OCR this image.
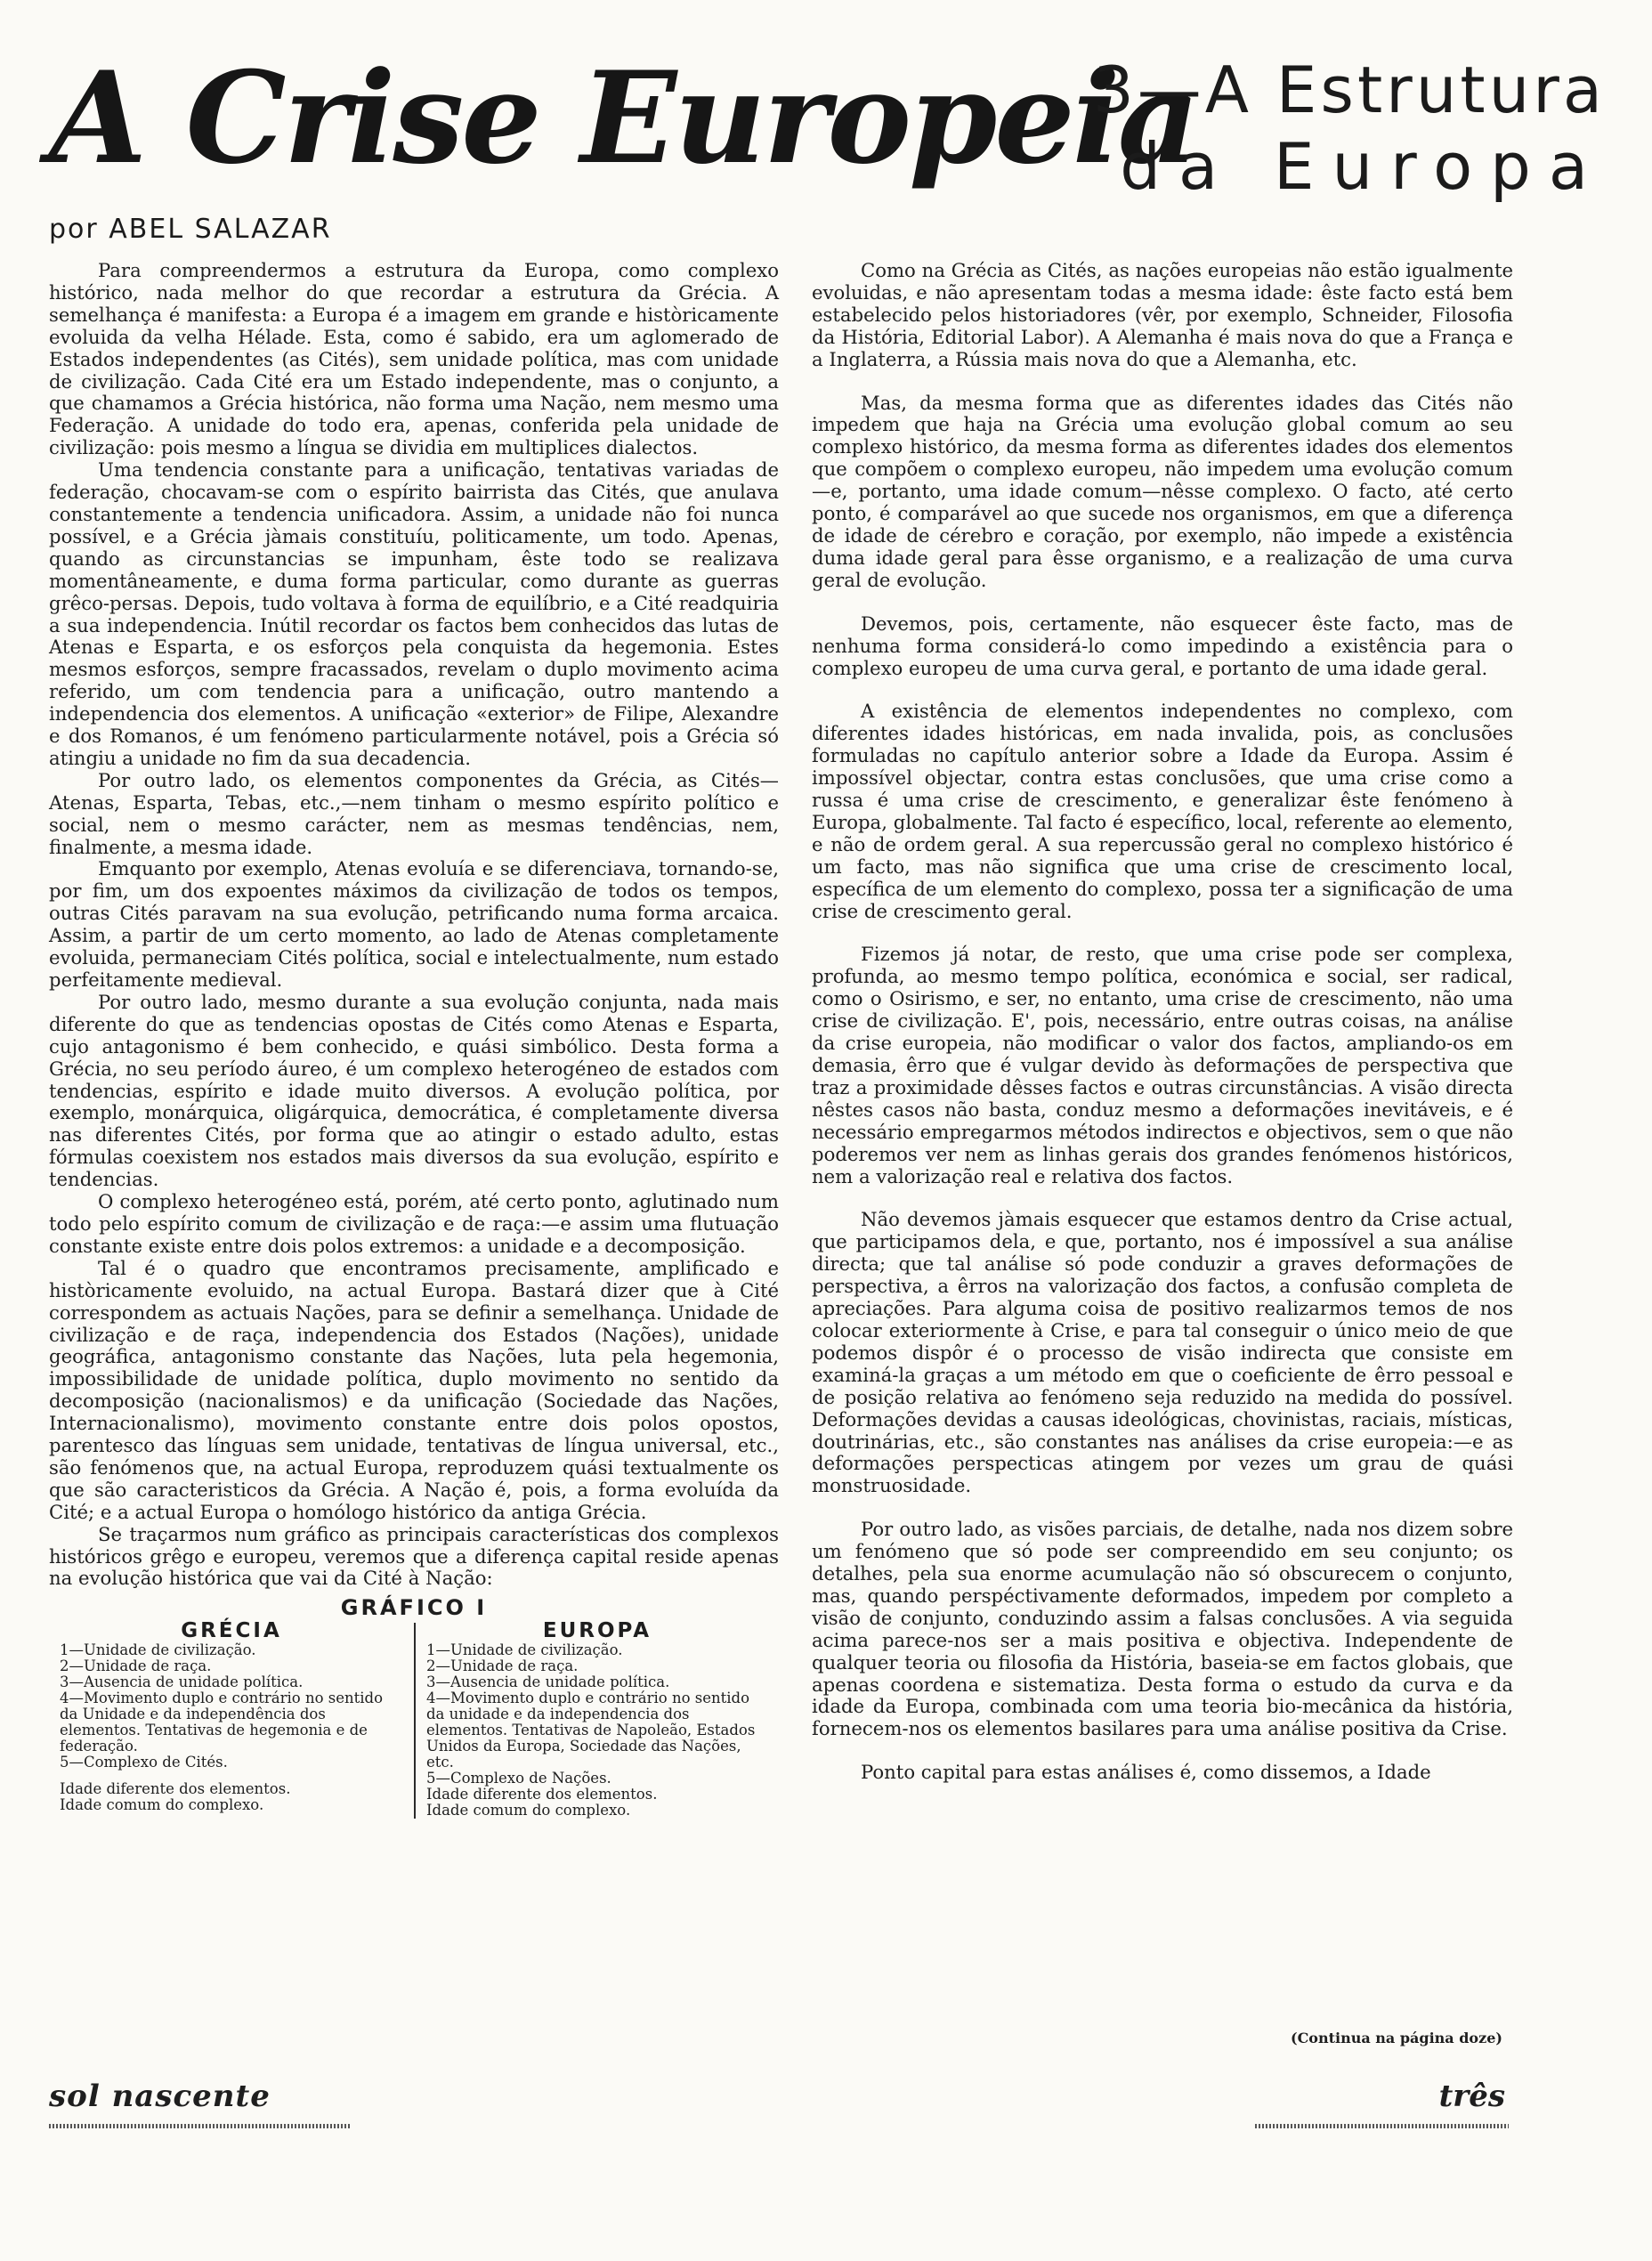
A Crise Europeia
3—A Estrutura
da Europa
por ABEL SALAZAR

Para compreendermos a estrutura da Europa, como complexo histórico, nada melhor do que recordar a estrutura da Grécia. A semelhança é manifesta: a Europa é a imagem em grande e històricamente evoluida da velha Hélade. Esta, como é sabido, era um aglomerado de Estados independentes (as Cités), sem unidade política, mas com unidade de civilização. Cada Cité era um Estado independente, mas o conjunto, a que chamamos a Grécia histórica, não forma uma Nação, nem mesmo uma Federação. A unidade do todo era, apenas, conferida pela unidade de civilização: pois mesmo a língua se dividia em multiplices dialectos.

Uma tendencia constante para a unificação, tentativas variadas de federação, chocavam-se com o espírito bairrista das Cités, que anulava constantemente a tendencia unificadora. Assim, a unidade não foi nunca possível, e a Grécia jàmais constituíu, politicamente, um todo. Apenas, quando as circunstancias se impunham, êste todo se realizava momentâneamente, e duma forma particular, como durante as guerras grêco-persas. Depois, tudo voltava à forma de equilíbrio, e a Cité readquiria a sua independencia. Inútil recordar os factos bem conhecidos das lutas de Atenas e Esparta, e os esforços pela conquista da hegemonia. Estes mesmos esforços, sempre fracassados, revelam o duplo movimento acima referido, um com tendencia para a unificação, outro mantendo a independencia dos elementos. A unificação «exterior» de Filipe, Alexandre e dos Romanos, é um fenómeno particularmente notável, pois a Grécia só atingiu a unidade no fim da sua decadencia.

Por outro lado, os elementos componentes da Grécia, as Cités—Atenas, Esparta, Tebas, etc.,—nem tinham o mesmo espírito político e social, nem o mesmo carácter, nem as mesmas tendências, nem, finalmente, a mesma idade.

Emquanto por exemplo, Atenas evoluía e se diferenciava, tornando-se, por fim, um dos expoentes máximos da civilização de todos os tempos, outras Cités paravam na sua evolução, petrificando numa forma arcaica. Assim, a partir de um certo momento, ao lado de Atenas completamente evoluida, permaneciam Cités política, social e intelectualmente, num estado perfeitamente medieval.

Por outro lado, mesmo durante a sua evolução conjunta, nada mais diferente do que as tendencias opostas de Cités como Atenas e Esparta, cujo antagonismo é bem conhecido, e quási simbólico. Desta forma a Grécia, no seu período áureo, é um complexo heterogéneo de estados com tendencias, espírito e idade muito diversos. A evolução política, por exemplo, monárquica, oligárquica, democrática, é completamente diversa nas diferentes Cités, por forma que ao atingir o estado adulto, estas fórmulas coexistem nos estados mais diversos da sua evolução, espírito e tendencias.

O complexo heterogéneo está, porém, até certo ponto, aglutinado num todo pelo espírito comum de civilização e de raça:—e assim uma flutuação constante existe entre dois polos extremos: a unidade e a decomposição.

Tal é o quadro que encontramos precisamente, amplificado e històricamente evoluido, na actual Europa. Bastará dizer que à Cité correspondem as actuais Nações, para se definir a semelhança. Unidade de civilização e de raça, independencia dos Estados (Nações), unidade geográfica, antagonismo constante das Nações, luta pela hegemonia, impossibilidade de unidade política, duplo movimento no sentido da decomposição (nacionalismos) e da unificação (Sociedade das Nações, Internacionalismo), movimento constante entre dois polos opostos, parentesco das línguas sem unidade, tentativas de língua universal, etc., são fenómenos que, na actual Europa, reproduzem quási textualmente os que são caracteristicos da Grécia. A Nação é, pois, a forma evoluída da Cité; e a actual Europa o homólogo histórico da antiga Grécia.

Se traçarmos num gráfico as principais características dos complexos históricos grêgo e europeu, veremos que a diferença capital reside apenas na evolução histórica que vai da Cité à Nação:

GRÁFICO I
GRÉCIA
1—Unidade de civilização.
2—Unidade de raça.
3—Ausencia de unidade política.
4—Movimento duplo e contrário no sentido da Unidade e da independência dos elementos. Tentativas de hegemonia e de federação.
5—Complexo de Cités.
Idade diferente dos elementos.
Idade comum do complexo.
EUROPA
1—Unidade de civilização.
2—Unidade de raça.
3—Ausencia de unidade política.
4—Movimento duplo e contrário no sentido da unidade e da independencia dos elementos. Tentativas de Napoleão, Estados Unidos da Europa, Sociedade das Nações, etc.
5—Complexo de Nações.
Idade diferente dos elementos.
Idade comum do complexo.

Como na Grécia as Cités, as nações europeias não estão igualmente evoluidas, e não apresentam todas a mesma idade: êste facto está bem estabelecido pelos historiadores (vêr, por exemplo, Schneider, Filosofia da História, Editorial Labor). A Alemanha é mais nova do que a França e a Inglaterra, a Rússia mais nova do que a Alemanha, etc.

Mas, da mesma forma que as diferentes idades das Cités não impedem que haja na Grécia uma evolução global comum ao seu complexo histórico, da mesma forma as diferentes idades dos elementos que compõem o complexo europeu, não impedem uma evolução comum—e, portanto, uma idade comum—nêsse complexo. O facto, até certo ponto, é comparável ao que sucede nos organismos, em que a diferença de idade de cérebro e coração, por exemplo, não impede a existência duma idade geral para êsse organismo, e a realização de uma curva geral de evolução.

Devemos, pois, certamente, não esquecer êste facto, mas de nenhuma forma considerá-lo como impedindo a existência para o complexo europeu de uma curva geral, e portanto de uma idade geral.

A existência de elementos independentes no complexo, com diferentes idades históricas, em nada invalida, pois, as conclusões formuladas no capítulo anterior sobre a Idade da Europa. Assim é impossível objectar, contra estas conclusões, que uma crise como a russa é uma crise de crescimento, e generalizar êste fenómeno à Europa, globalmente. Tal facto é específico, local, referente ao elemento, e não de ordem geral. A sua repercussão geral no complexo histórico é um facto, mas não significa que uma crise de crescimento local, específica de um elemento do complexo, possa ter a significação de uma crise de crescimento geral.

Fizemos já notar, de resto, que uma crise pode ser complexa, profunda, ao mesmo tempo política, económica e social, ser radical, como o Osirismo, e ser, no entanto, uma crise de crescimento, não uma crise de civilização. E', pois, necessário, entre outras coisas, na análise da crise europeia, não modificar o valor dos factos, ampliando-os em demasia, êrro que é vulgar devido às deformações de perspectiva que traz a proximidade dêsses factos e outras circunstâncias. A visão directa nêstes casos não basta, conduz mesmo a deformações inevitáveis, e é necessário empregarmos métodos indirectos e objectivos, sem o que não poderemos ver nem as linhas gerais dos grandes fenómenos históricos, nem a valorização real e relativa dos factos.

Não devemos jàmais esquecer que estamos dentro da Crise actual, que participamos dela, e que, portanto, nos é impossível a sua análise directa; que tal análise só pode conduzir a graves deformações de perspectiva, a êrros na valorização dos factos, a confusão completa de apreciações. Para alguma coisa de positivo realizarmos temos de nos colocar exteriormente à Crise, e para tal conseguir o único meio de que podemos dispôr é o processo de visão indirecta que consiste em examiná-la graças a um método em que o coeficiente de êrro pessoal e de posição relativa ao fenómeno seja reduzido na medida do possível. Deformações devidas a causas ideológicas, chovinistas, raciais, místicas, doutrinárias, etc., são constantes nas análises da crise europeia:—e as deformações perspecticas atingem por vezes um grau de quási monstruosidade.

Por outro lado, as visões parciais, de detalhe, nada nos dizem sobre um fenómeno que só pode ser compreendido em seu conjunto; os detalhes, pela sua enorme acumulação não só obscurecem o conjunto, mas, quando perspéctivamente deformados, impedem por completo a visão de conjunto, conduzindo assim a falsas conclusões. A via seguida acima parece-nos ser a mais positiva e objectiva. Independente de qualquer teoria ou filosofia da História, baseia-se em factos globais, que apenas coordena e sistematiza. Desta forma o estudo da curva e da idade da Europa, combinada com uma teoria bio-mecânica da história, fornecem-nos os elementos basilares para uma análise positiva da Crise.

Ponto capital para estas análises é, como dissemos, a Idade

(Continua na página doze)
sol nascente	três
